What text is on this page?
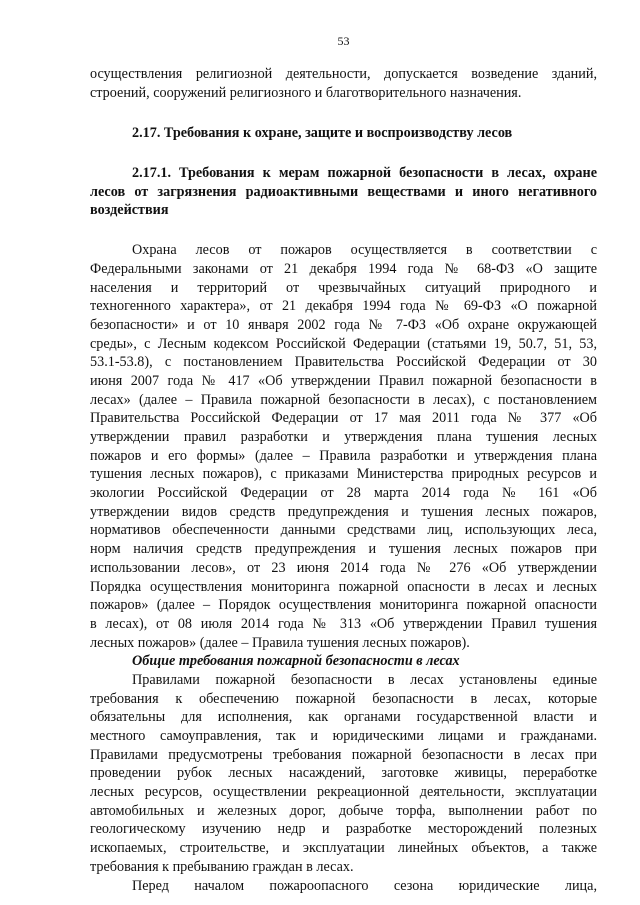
53
осуществления религиозной деятельности, допускается возведение зданий,
строений, сооружений религиозного и благотворительного назначения.
2.17. Требования к охране, защите и воспроизводству лесов
2.17.1. Требования к мерам пожарной безопасности в лесах, охране
лесов от загрязнения радиоактивными веществами и иного негативного
воздействия
Охрана лесов от пожаров осуществляется в соответствии с
Федеральными законами от 21 декабря 1994 года № 68-ФЗ «О защите
населения и территорий от чрезвычайных ситуаций природного и
техногенного характера», от 21 декабря 1994 года № 69-ФЗ «О пожарной
безопасности» и от 10 января 2002 года № 7-ФЗ «Об охране окружающей
среды», с Лесным кодексом Российской Федерации (статьями 19, 50.7, 51, 53,
53.1-53.8), с постановлением Правительства Российской Федерации от 30
июня 2007 года № 417 «Об утверждении Правил пожарной безопасности в
лесах» (далее – Правила пожарной безопасности в лесах), с постановлением
Правительства Российской Федерации от 17 мая 2011 года № 377 «Об
утверждении правил разработки и утверждения плана тушения лесных
пожаров и его формы» (далее – Правила разработки и утверждения плана
тушения лесных пожаров), с приказами Министерства природных ресурсов и
экологии Российской Федерации от 28 марта 2014 года № 161 «Об
утверждении видов средств предупреждения и тушения лесных пожаров,
нормативов обеспеченности данными средствами лиц, использующих леса,
норм наличия средств предупреждения и тушения лесных пожаров при
использовании лесов», от 23 июня 2014 года № 276 «Об утверждении
Порядка осуществления мониторинга пожарной опасности в лесах и лесных
пожаров» (далее – Порядок осуществления мониторинга пожарной опасности
в лесах), от 08 июля 2014 года № 313 «Об утверждении Правил тушения
лесных пожаров» (далее – Правила тушения лесных пожаров).
Общие требования пожарной безопасности в лесах
Правилами пожарной безопасности в лесах установлены единые
требования к обеспечению пожарной безопасности в лесах, которые
обязательны для исполнения, как органами государственной власти и
местного самоуправления, так и юридическими лицами и гражданами.
Правилами предусмотрены требования пожарной безопасности в лесах при
проведении рубок лесных насаждений, заготовке живицы, переработке
лесных ресурсов, осуществлении рекреационной деятельности, эксплуатации
автомобильных и железных дорог, добыче торфа, выполнении работ по
геологическому изучению недр и разработке месторождений полезных
ископаемых, строительстве, и эксплуатации линейных объектов, а также
требования к пребыванию граждан в лесах.
Перед началом пожароопасного сезона юридические лица,
